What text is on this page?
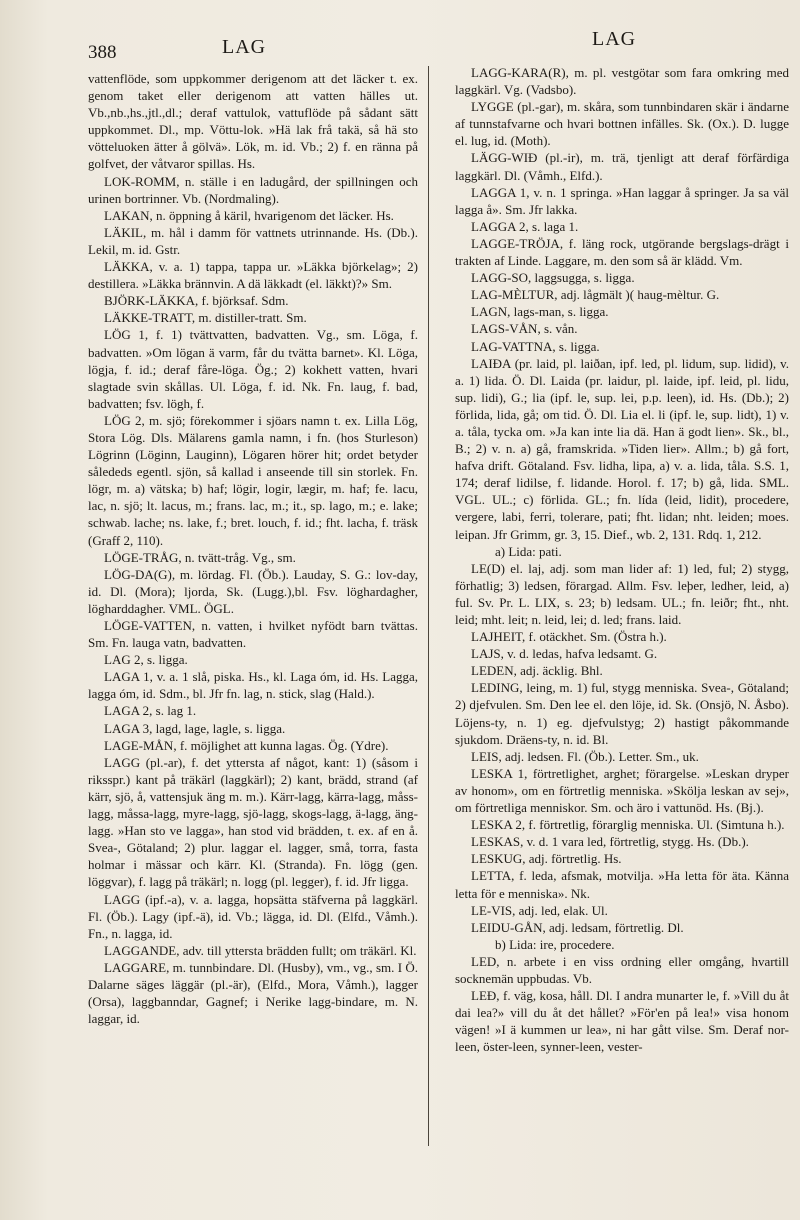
388	LAG	LAG

vattenflöde, som uppkommer derigenom att det läcker t. ex. genom taket eller derigenom att vatten hälles ut. Vb.,nb.,hs.,jtl.,dl.; deraf vattulok, vattuflöde på sådant sätt uppkommet. Dl., mp. Vöttu-lok. »Hä lak frå takä, så hä sto vötteluoken ätter å gölvä». Lök, m. id. Vb.; 2) f. en ränna på golfvet, der våtvaror spillas. Hs.

LOK-ROMM, n. ställe i en ladugård, der spillningen och urinen bortrinner. Vb. (Nordmaling).

LAKAN, n. öppning å käril, hvarigenom det läcker. Hs.

LÄKIL, m. hål i damm för vattnets utrinnande. Hs. (Db.). Lekil, m. id. Gstr.

LÄKKA, v. a. 1) tappa, tappa ur. »Läkka björkelag»; 2) destillera. »Läkka brännvin. A dä läkkadt (el. läkkt)?» Sm.

BJÖRK-LÄKKA, f. björksaf. Sdm.

LÄKKE-TRATT, m. distiller-tratt. Sm.

LÖG 1, f. 1) tvättvatten, badvatten. Vg., sm. Löga, f. badvatten. »Om lögan ä varm, får du tvätta barnet». Kl. Löga, lögja, f. id.; deraf fåre-löga. Ög.; 2) kokhett vatten, hvari slagtade svin skållas. Ul. Löga, f. id. Nk. Fn. laug, f. bad, badvatten; fsv. lögh, f.

LÖG 2, m. sjö; förekommer i sjöars namn t. ex. Lilla Lög, Stora Lög. Dls. Mälarens gamla namn, i fn. (hos Sturleson) Lögrinn (Löginn, Lauginn), Lögaren hörer hit; ordet betyder sålededs egentl. sjön, så kallad i anseende till sin storlek. Fn. lögr, m. a) vätska; b) haf; lögir, logir, lægir, m. haf; fe. lacu, lac, n. sjö; lt. lacus, m.; frans. lac, m.; it., sp. lago, m.; e. lake; schwab. lache; ns. lake, f.; bret. louch, f. id.; fht. lacha, f. träsk (Graff 2, 110).

LÖGE-TRÅG, n. tvätt-tråg. Vg., sm.

LÖG-DA(G), m. lördag. Fl. (Öb.). Lauday, S. G.: lov-day, id. Dl. (Mora); ljorda, Sk. (Lugg.),bl. Fsv. löghardagher, lögharddagher. VML. ÖGL.

LÖGE-VATTEN, n. vatten, i hvilket nyfödt barn tvättas. Sm. Fn. lauga vatn, badvatten.

LAG 2, s. ligga.

LAGA 1, v. a. 1 slå, piska. Hs., kl. Laga óm, id. Hs. Lagga, lagga óm, id. Sdm., bl. Jfr fn. lag, n. stick, slag (Hald.).

LAGA 2, s. lag 1.

LAGA 3, lagd, lage, lagle, s. ligga.

LAGE-MÅN, f. möjlighet att kunna lagas. Ög. (Ydre).

LAGG (pl.-ar), f. det yttersta af något, kant: 1) (såsom i riksspr.) kant på träkärl (laggkärl); 2) kant, brädd, strand (af kärr, sjö, å, vattensjuk äng m. m.). Kärr-lagg, kärra-lagg, måss-lagg, måssa-lagg, myre-lagg, sjö-lagg, skogs-lagg, ä-lagg, äng-lagg. »Han sto ve lagga», han stod vid brädden, t. ex. af en å. Svea-, Götaland; 2) plur. laggar el. lagger, små, torra, fasta holmar i mässar och kärr. Kl. (Stranda). Fn. lögg (gen. löggvar), f. lagg på träkärl; n. logg (pl. legger), f. id. Jfr ligga.

LAGG (ipf.-a), v. a. lagga, hopsätta stäfverna på laggkärl. Fl. (Öb.). Lagy (ipf.-ä), id. Vb.; lägga, id. Dl. (Elfd., Våmh.). Fn., n. lagga, id.

LAGGANDE, adv. till yttersta brädden fullt; om träkärl. Kl.

LAGGARE, m. tunnbindare. Dl. (Husby), vm., vg., sm. I Ö. Dalarne säges läggär (pl.-är), (Elfd., Mora, Våmh.), lagger (Orsa), laggbanndar, Gagnef; i Nerike lagg-bindare, m. N. laggar, id.

LAGG-KARA(R), m. pl. vestgötar som fara omkring med laggkärl. Vg. (Vadsbo).

LYGGE (pl.-gar), m. skåra, som tunnbindaren skär i ändarne af tunnstafvarne och hvari bottnen infälles. Sk. (Ox.). D. lugge el. lug, id. (Moth).

LÄGG-WIÐ (pl.-ir), m. trä, tjenligt att deraf förfärdiga laggkärl. Dl. (Våmh., Elfd.).

LAGGA 1, v. n. 1 springa. »Han laggar å springer. Ja sa väl lagga å». Sm. Jfr lakka.

LAGGA 2, s. laga 1.

LAGGE-TRÖJA, f. läng rock, utgörande bergslags-drägt i trakten af Linde. Laggare, m. den som så är klädd. Vm.

LAGG-SO, laggsugga, s. ligga.

LAG-MÈLTUR, adj. lågmält )( haug-mèltur. G.

LAGN, lags-man, s. ligga.

LAGS-VÅN, s. vån.

LAG-VATTNA, s. ligga.

LAIÐA (pr. laid, pl. laiðan, ipf. led, pl. lidum, sup. lidid), v. a. 1) lida. Ö. Dl. Laida (pr. laidur, pl. laide, ipf. leid, pl. lidu, sup. lidi), G.; lia (ipf. le, sup. lei, p.p. leen), id. Hs. (Db.); 2) förlida, lida, gå; om tid. Ö. Dl. Lia el. li (ipf. le, sup. lidt), 1) v. a. tåla, tycka om. »Ja kan inte lia dä. Han ä godt lien». Sk., bl., B.; 2) v. n. a) gå, framskrida. »Tiden lier». Allm.; b) gå fort, hafva drift. Götaland. Fsv. lidha, lipa, a) v. a. lida, tåla. S.S. 1, 174; deraf lidilse, f. lidande. Horol. f. 17; b) gå, lida. SML. VGL. UL.; c) förlida. GL.; fn. lída (leid, lidit), procedere, vergere, labi, ferri, tolerare, pati; fht. lidan; nht. leiden; moes. leipan. Jfr Grimm, gr. 3, 15. Dief., wb. 2, 131. Rdq. 1, 212.

a) Lida: pati.

LE(D) el. laj, adj. som man lider af: 1) led, ful; 2) stygg, förhatlig; 3) ledsen, förargad. Allm. Fsv. leþer, ledher, leid, a) ful. Sv. Pr. L. LIX, s. 23; b) ledsam. UL.; fn. leiðr; fht., nht. leid; mht. leit; n. leid, lei; d. led; frans. laid.

LAJHEIT, f. otäckhet. Sm. (Östra h.).

LAJS, v. d. ledas, hafva ledsamt. G.

LEDEN, adj. äcklig. Bhl.

LEDING, leing, m. 1) ful, stygg menniska. Svea-, Götaland; 2) djefvulen. Sm. Den lee el. den löje, id. Sk. (Onsjö, N. Åsbo). Löjens-ty, n. 1) eg. djefvulstyg; 2) hastigt påkommande sjukdom. Dräens-ty, n. id. Bl.

LEIS, adj. ledsen. Fl. (Öb.). Letter. Sm., uk.

LESKA 1, förtretlighet, arghet; förargelse. »Leskan dryper av honom», om en förtretlig menniska. »Skölja leskan av sej», om förtretliga menniskor. Sm. och äro i vattunöd. Hs. (Bj.).

LESKA 2, f. förtretlig, förarglig menniska. Ul. (Simtuna h.).

LESKAS, v. d. 1 vara led, förtretlig, stygg. Hs. (Db.).

LESKUG, adj. förtretlig. Hs.

LETTA, f. leda, afsmak, motvilja. »Ha letta för äta. Känna letta för e menniska». Nk.

LE-VIS, adj. led, elak. Ul.

LEIDU-GÅN, adj. ledsam, förtretlig. Dl.

b) Lida: ire, procedere.

LED, n. arbete i en viss ordning eller omgång, hvartill socknemän uppbudas. Vb.

LEÐ, f. väg, kosa, håll. Dl. I andra munarter le, f. »Vill du åt dai lea?» vill du åt det hållet? »För'en på lea!» visa honom vägen! »I ä kummen ur lea», ni har gått vilse. Sm. Deraf nor-leen, öster-leen, synner-leen, vester-
